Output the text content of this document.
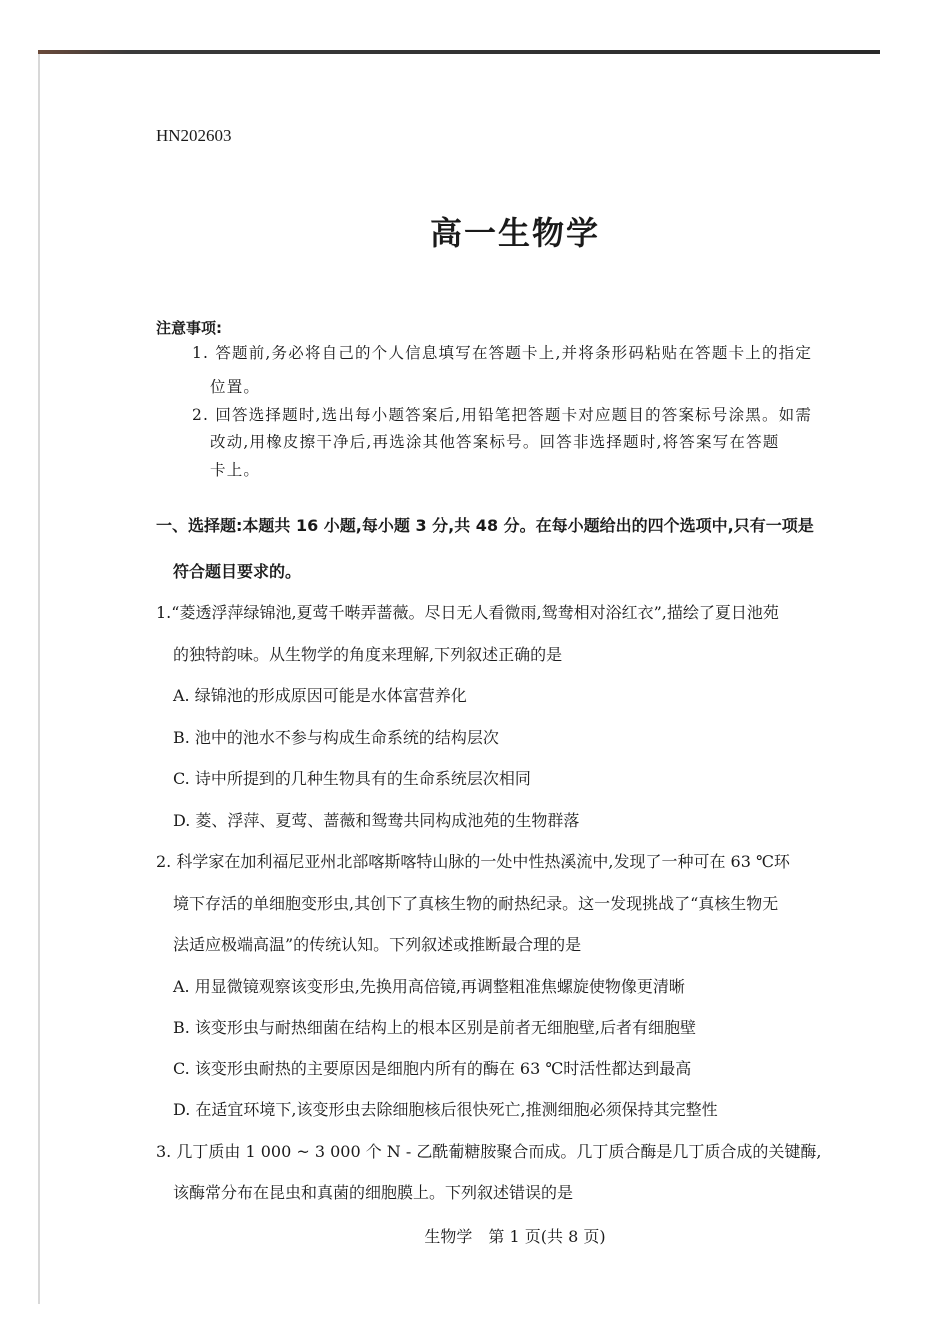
HN202603
高一生物学
注意事项:
1. 答题前,务必将自己的个人信息填写在答题卡上,并将条形码粘贴在答题卡上的指定
位置。
2. 回答选择题时,选出每小题答案后,用铅笔把答题卡对应题目的答案标号涂黑。如需
改动,用橡皮擦干净后,再选涂其他答案标号。回答非选择题时,将答案写在答题
卡上。
一、选择题:本题共 16 小题,每小题 3 分,共 48 分。在每小题给出的四个选项中,只有一项是
符合题目要求的。
1.“菱透浮萍绿锦池,夏莺千啭弄蔷薇。尽日无人看微雨,鸳鸯相对浴红衣”,描绘了夏日池苑
的独特韵味。从生物学的角度来理解,下列叙述正确的是
A. 绿锦池的形成原因可能是水体富营养化
B. 池中的池水不参与构成生命系统的结构层次
C. 诗中所提到的几种生物具有的生命系统层次相同
D. 菱、浮萍、夏莺、蔷薇和鸳鸯共同构成池苑的生物群落
2. 科学家在加利福尼亚州北部喀斯喀特山脉的一处中性热溪流中,发现了一种可在 63 ℃环
境下存活的单细胞变形虫,其创下了真核生物的耐热纪录。这一发现挑战了“真核生物无
法适应极端高温”的传统认知。下列叙述或推断最合理的是
A. 用显微镜观察该变形虫,先换用高倍镜,再调整粗准焦螺旋使物像更清晰
B. 该变形虫与耐热细菌在结构上的根本区别是前者无细胞壁,后者有细胞壁
C. 该变形虫耐热的主要原因是细胞内所有的酶在 63 ℃时活性都达到最高
D. 在适宜环境下,该变形虫去除细胞核后很快死亡,推测细胞必须保持其完整性
3. 几丁质由 1 000 ~ 3 000 个 N - 乙酰葡糖胺聚合而成。几丁质合酶是几丁质合成的关键酶,
该酶常分布在昆虫和真菌的细胞膜上。下列叙述错误的是
生物学　第 1 页(共 8 页)
